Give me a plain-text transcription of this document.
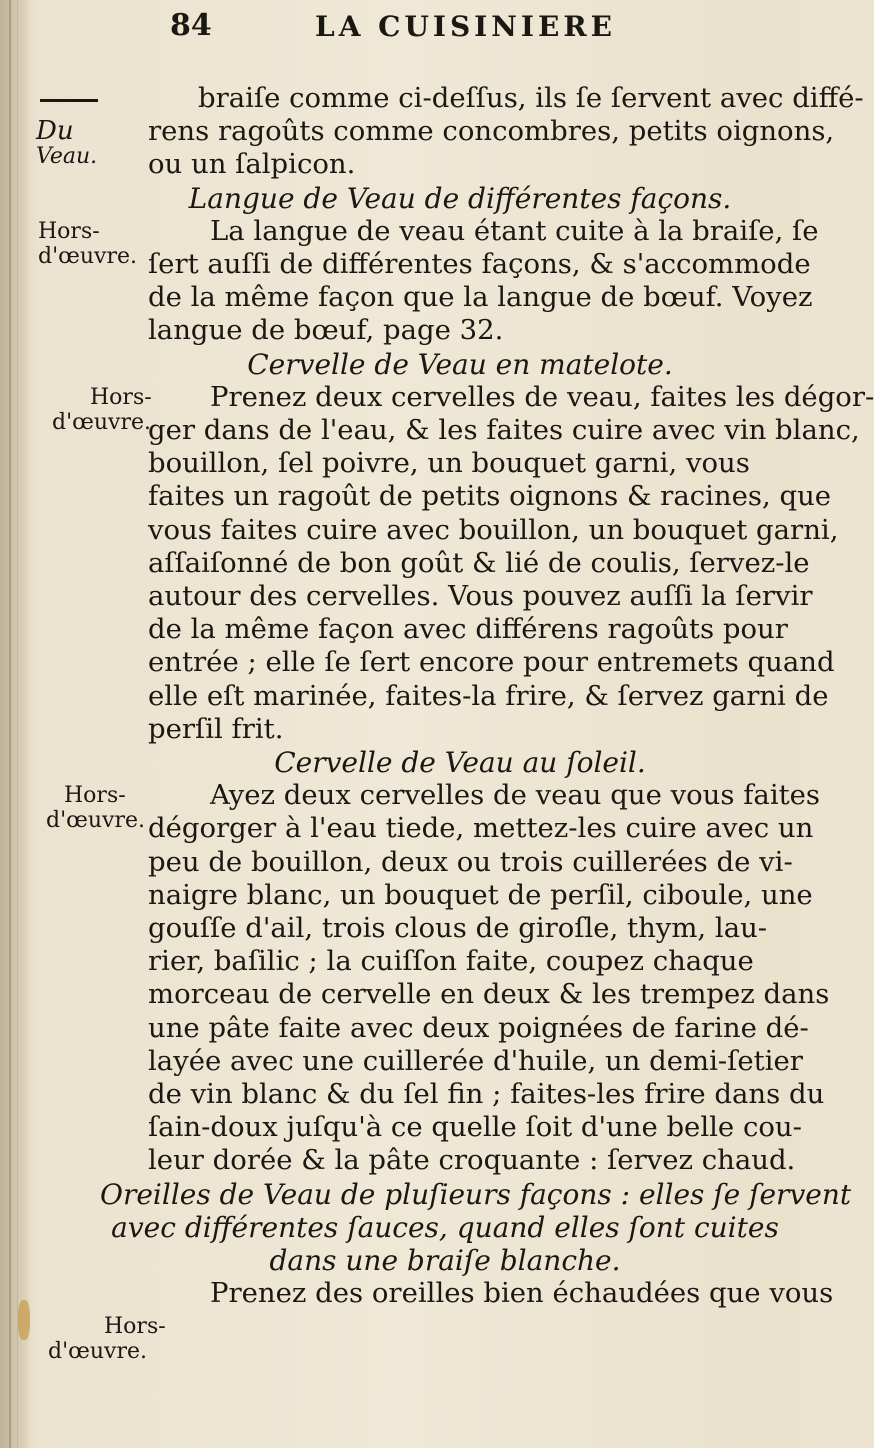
84	LA CUISINIERE
Du
Veau.
Hors-
d'œuvre.
Hors-
d'œuvre.
Hors-
d'œuvre.
Hors-
d'œuvre.
braiſe comme ci-deſſus, ils ſe ſervent avec diffé-
rens ragoûts comme concombres, petits oignons,
ou un ſalpicon.
Langue de Veau de différentes façons.
La langue de veau étant cuite à la braiſe, ſe
ſert auſſi de différentes façons, & s'accommode
de la même façon que la langue de bœuf. Voyez
langue de bœuf, page 32.
Cervelle de Veau en matelote.
Prenez deux cervelles de veau, faites les dégor-
ger dans de l'eau, & les faites cuire avec vin blanc,
bouillon, ſel poivre, un bouquet garni, vous
faites un ragoût de petits oignons & racines, que
vous faites cuire avec bouillon, un bouquet garni,
aſſaiſonné de bon goût & lié de coulis, ſervez-le
autour des cervelles. Vous pouvez auſſi la ſervir
de la même façon avec différens ragoûts pour
entrée ; elle ſe ſert encore pour entremets quand
elle eſt marinée, faites-la frire, & ſervez garni de
perſil frit.
Cervelle de Veau au ſoleil.
Ayez deux cervelles de veau que vous faites
dégorger à l'eau tiede, mettez-les cuire avec un
peu de bouillon, deux ou trois cuillerées de vi-
naigre blanc, un bouquet de perſil, ciboule, une
gouſſe d'ail, trois clous de giroſle, thym, lau-
rier, baſilic ; la cuiſſon faite, coupez chaque
morceau de cervelle en deux & les trempez dans
une pâte faite avec deux poignées de farine dé-
layée avec une cuillerée d'huile, un demi-ſetier
de vin blanc & du ſel fin ; faites-les frire dans du
ſain-doux juſqu'à ce quelle ſoit d'une belle cou-
leur dorée & la pâte croquante : ſervez chaud.
Oreilles de Veau de pluſieurs façons : elles ſe ſervent
avec différentes ſauces, quand elles ſont cuites
dans une braiſe blanche.
Prenez des oreilles bien échaudées que vous
